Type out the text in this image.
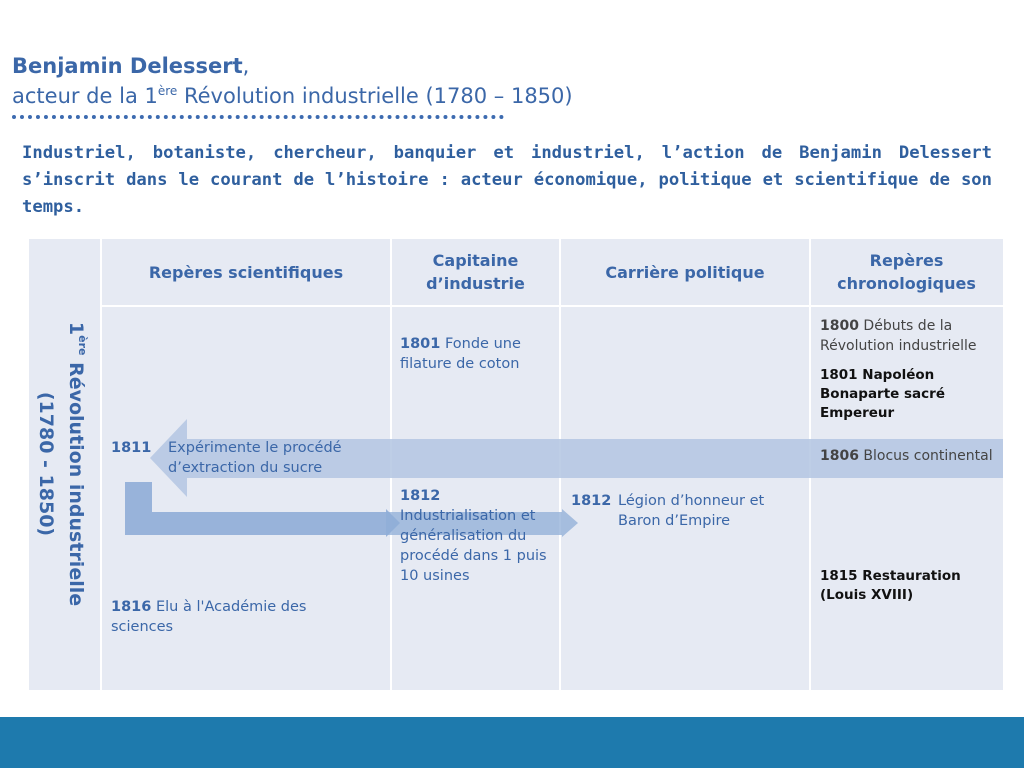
Benjamin Delessert,
acteur de la 1ère Révolution industrielle (1780 – 1850)
Industriel, botaniste, chercheur, banquier et industriel, l’action de Benjamin Delessert s’inscrit dans le courant de l’histoire : acteur économique, politique et scientifique de son temps.
Repères scientifiques
Capitaine d’industrie
Carrière politique
Repères chronologiques
1ère Révolution industrielle
(1780 - 1850)	1811	Expérimente le procédé d’extraction du sucre
1816 Elu à l'Académie des sciences
1801 Fonde une filature de coton
1812
Industrialisation et généralisation du procédé dans 1 puis 10 usines
1812 Légion d’honneur et Baron d’Empire
1800 Débuts de la Révolution industrielle
1801 Napoléon Bonaparte sacré Empereur
1806 Blocus continental
1815 Restauration (Louis XVIII)
